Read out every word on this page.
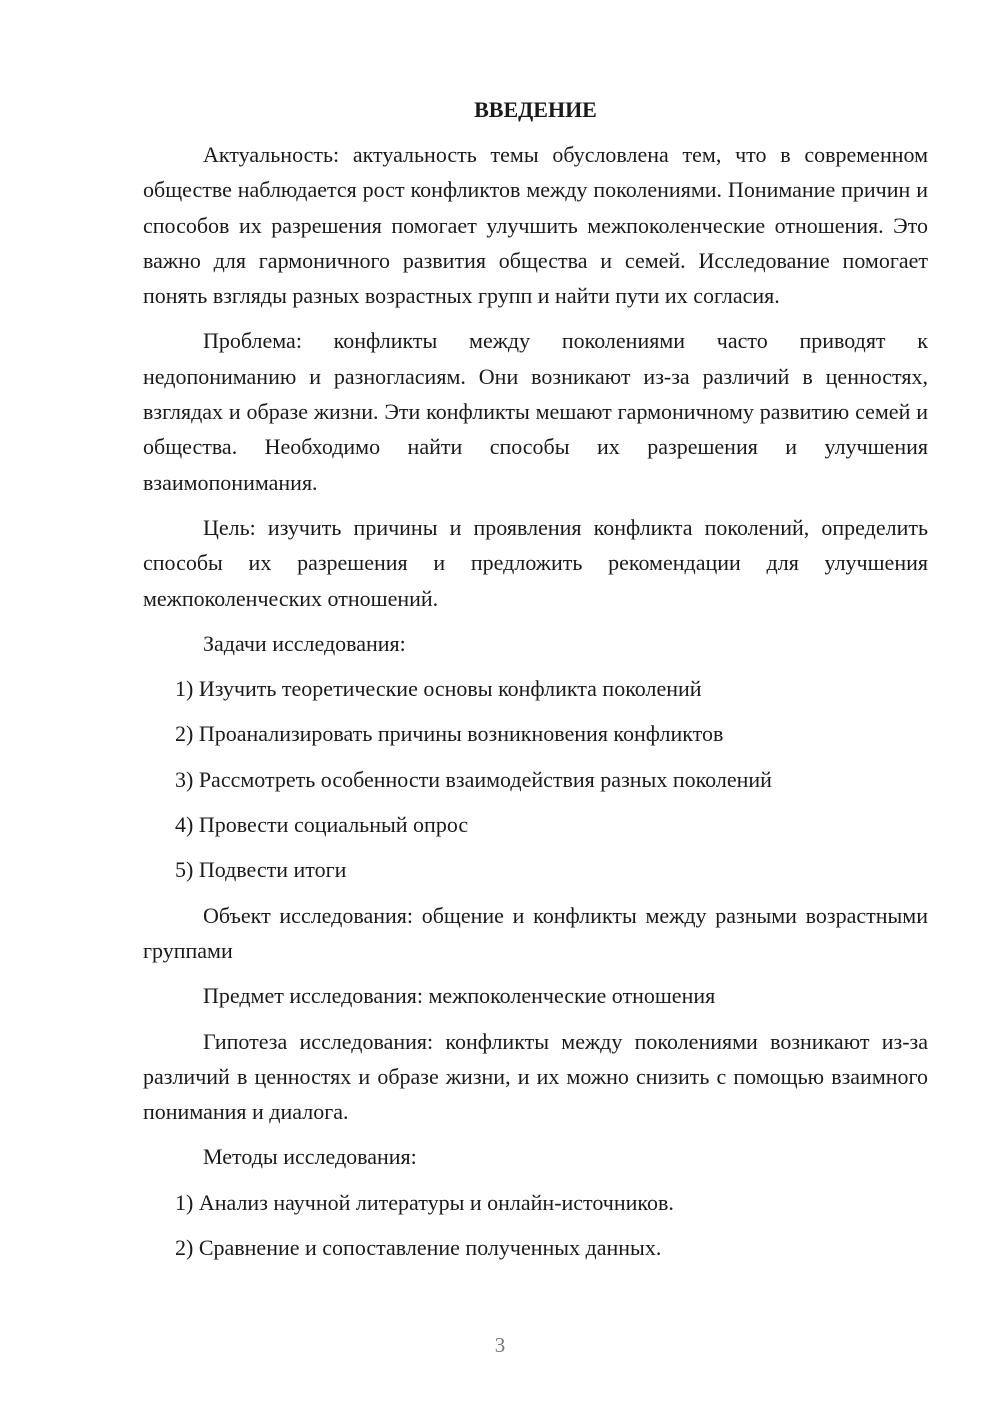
ВВЕДЕНИЕ
Актуальность: актуальность темы обусловлена тем, что в современном обществе наблюдается рост конфликтов между поколениями. Понимание причин и способов их разрешения помогает улучшить межпоколенческие отношения. Это важно для гармоничного развития общества и семей. Исследование помогает понять взгляды разных возрастных групп и найти пути их согласия.
Проблема: конфликты между поколениями часто приводят к недопониманию и разногласиям. Они возникают из-за различий в ценностях, взглядах и образе жизни. Эти конфликты мешают гармоничному развитию семей и общества. Необходимо найти способы их разрешения и улучшения взаимопонимания.
Цель: изучить причины и проявления конфликта поколений, определить способы их разрешения и предложить рекомендации для улучшения межпоколенческих отношений.
Задачи исследования:
1) Изучить теоретические основы конфликта поколений
2) Проанализировать причины возникновения конфликтов
3) Рассмотреть особенности взаимодействия разных поколений
4) Провести социальный опрос
5) Подвести итоги
Объект исследования: общение и конфликты между разными возрастными группами
Предмет исследования: межпоколенческие отношения
Гипотеза исследования: конфликты между поколениями возникают из-за различий в ценностях и образе жизни, и их можно снизить с помощью взаимного понимания и диалога.
Методы исследования:
1) Анализ научной литературы и онлайн-источников.
2) Сравнение и сопоставление полученных данных.
3
